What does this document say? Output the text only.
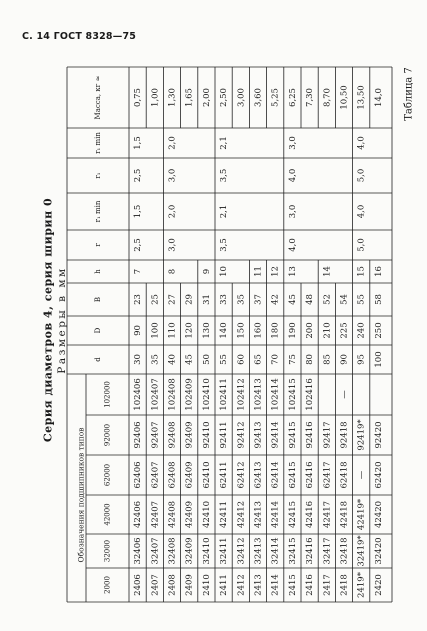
С. 14 ГОСТ 8328—75
Таблица 7
Серия диаметров 4, серия ширин 0 Размеры в мм
Обозначения подшипников типов
2000
32000
42000
62000
92000
102000
d
D
B
h
r
r₁ min
r₁
r₁ min
Масса, кг ≈
2406
32406
42406
62406
92406
102406
30
90
23
7
2,5
1,5
2,5
1,5
0,75
2407
32407
42407
62407
92407
102407
35
100
25
1,00
2408
32408
42408
62408
92408
102408
40
110
27
8
3,0
2,0
3,0
2,0
1,30
2409
32409
42409
62409
92409
102409
45
120
29
1,65
2410
32410
42410
62410
92410
102410
50
130
31
9
2,00
2411
32411
42411
62411
92411
102411
55
140
33
10
3,5
2,1
3,5
2,1
2,50
2412
32412
42412
62412
92412
102412
60
150
35
3,00
2413
32413
42413
62413
92413
102413
65
160
37
11
3,60
2414
32414
42414
62414
92414
102414
70
180
42
12
5,25
2415
32415
42415
62415
92415
102415
75
190
45
13
4,0
3,0
4,0
3,0
6,25
2416
32416
42416
62416
92416
102416
80
200
48
7,30
2417
32417
42417
62417
92417
85
210
52
14
8,70
2418
32418
42418
62418
92418
—
90
225
54
10,50
2419*
32419*
42419*
—
92419*
95
240
55
15
5,0
4,0
5,0
4,0
13,50
2420
32420
42420
62420
92420
100
250
58
16
14,0
